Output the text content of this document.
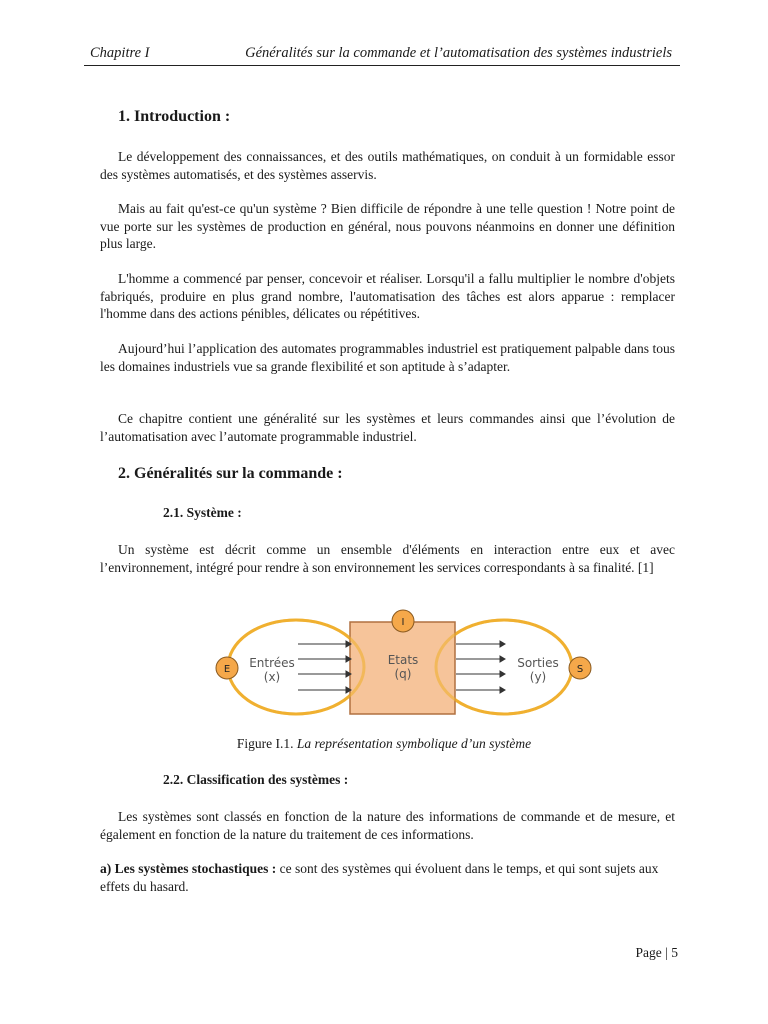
Chapitre I	Généralités sur la commande et l’automatisation des systèmes industriels
1. Introduction :
Le développement des connaissances, et des outils mathématiques, on conduit à un formidable essor des systèmes automatisés, et des systèmes asservis.
Mais au fait qu'est-ce qu'un système ? Bien difficile de répondre à une telle question ! Notre point de vue porte sur les systèmes de production en général, nous pouvons néanmoins en donner une définition plus large.
L'homme a commencé par penser, concevoir et réaliser. Lorsqu'il a fallu multiplier le nombre d'objets fabriqués, produire en plus grand nombre, l'automatisation des tâches est alors apparue : remplacer l'homme dans des actions pénibles, délicates ou répétitives.
Aujourd’hui l’application des automates programmables industriel est pratiquement palpable dans tous les domaines industriels vue sa grande flexibilité et son aptitude à s’adapter.
Ce chapitre contient une généralité sur les systèmes et leurs commandes ainsi que l’évolution de l’automatisation avec l’automate programmable industriel.
2. Généralités sur la commande :
2.1. Système :
Un système est décrit comme un ensemble d'éléments en interaction entre eux et avec l’environnement, intégré pour rendre à son environnement les services correspondants à sa finalité. [1]
E
I
S
Entrées
(x)
Etats
(q)
Sorties
(y)
Figure I.1. La représentation symbolique d’un système
2.2. Classification des systèmes :
Les systèmes sont classés en fonction de la nature des informations de commande et de mesure, et également en fonction de la nature du traitement de ces informations.
a) Les systèmes stochastiques : ce sont des systèmes qui évoluent dans le temps, et qui sont sujets aux effets du hasard.
Page | 5
